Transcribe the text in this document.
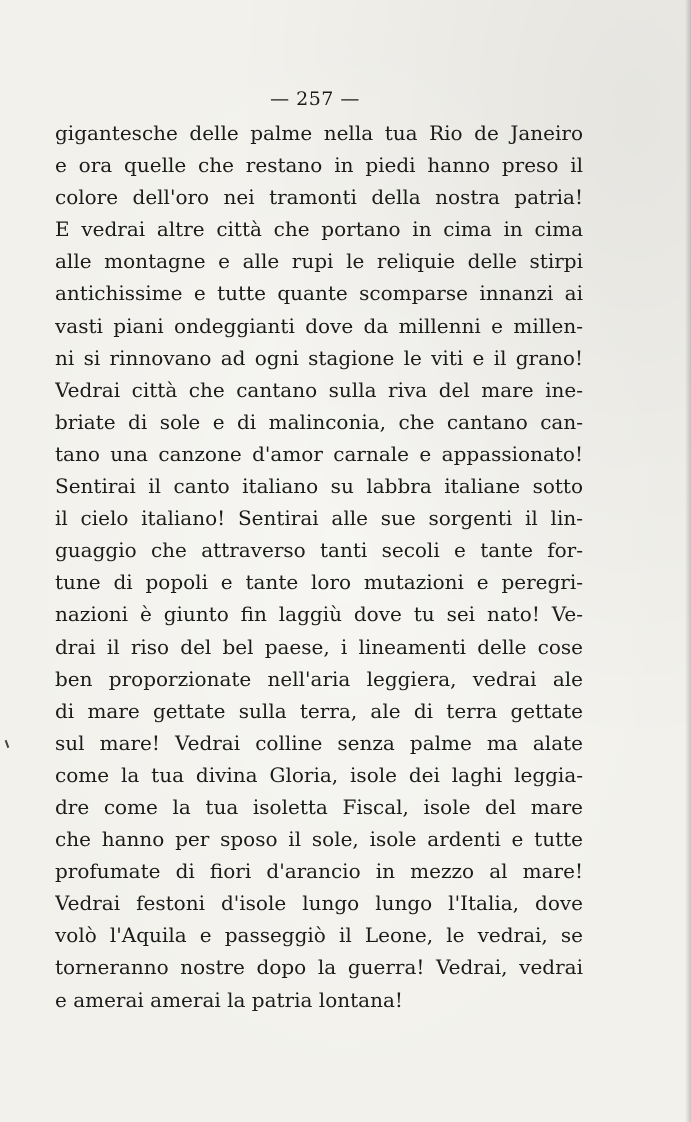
— 257 —
gigantesche delle palme nella tua Rio de Janeiro
e ora quelle che restano in piedi hanno preso il
colore dell'oro nei tramonti della nostra patria!
E vedrai altre città che portano in cima in cima
alle montagne e alle rupi le reliquie delle stirpi
antichissime e tutte quante scomparse innanzi ai
vasti piani ondeggianti dove da millenni e millen-
ni si rinnovano ad ogni stagione le viti e il grano!
Vedrai città che cantano sulla riva del mare ine-
briate di sole e di malinconia, che cantano can-
tano una canzone d'amor carnale e appassionato!
Sentirai il canto italiano su labbra italiane sotto
il cielo italiano! Sentirai alle sue sorgenti il lin-
guaggio che attraverso tanti secoli e tante for-
tune di popoli e tante loro mutazioni e peregri-
nazioni è giunto fin laggiù dove tu sei nato! Ve-
drai il riso del bel paese, i lineamenti delle cose
ben proporzionate nell'aria leggiera, vedrai ale
di mare gettate sulla terra, ale di terra gettate
sul mare! Vedrai colline senza palme ma alate
come la tua divina Gloria, isole dei laghi leggia-
dre come la tua isoletta Fiscal, isole del mare
che hanno per sposo il sole, isole ardenti e tutte
profumate di fiori d'arancio in mezzo al mare!
Vedrai festoni d'isole lungo lungo l'Italia, dove
volò l'Aquila e passeggiò il Leone, le vedrai, se
torneranno nostre dopo la guerra! Vedrai, vedrai
e amerai amerai la patria lontana!
